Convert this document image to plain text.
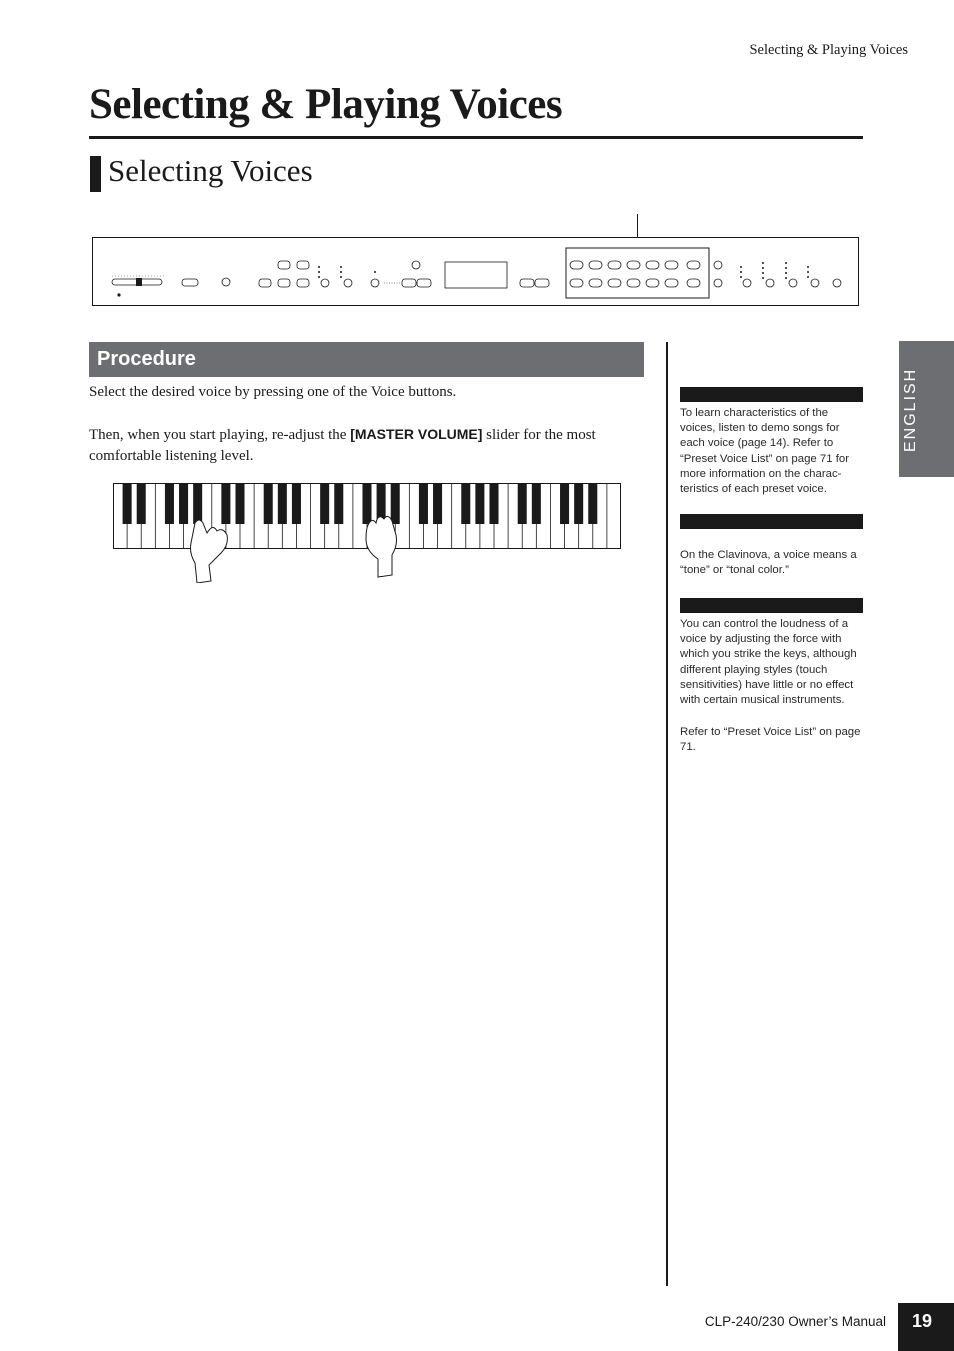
Selecting & Playing Voices
Selecting & Playing Voices
Selecting Voices
Procedure

Select the desired voice by pressing one of the Voice buttons.

Then, when you start playing, re-adjust the [MASTER VOLUME] slider for the most comfortable listening level.

To learn characteristics of the voices, listen to demo songs for each voice (page 14). Refer to “Preset Voice List” on page 71 for more information on the charac-teristics of each preset voice.
On the Clavinova, a voice means a “tone” or “tonal color.”
You can control the loudness of a voice by adjusting the force with which you strike the keys, although different playing styles (touch sensitivities) have little or no effect with certain musical instruments.
Refer to “Preset Voice List” on page 71.
ENGLISH
CLP-240/230 Owner’s Manual	19
